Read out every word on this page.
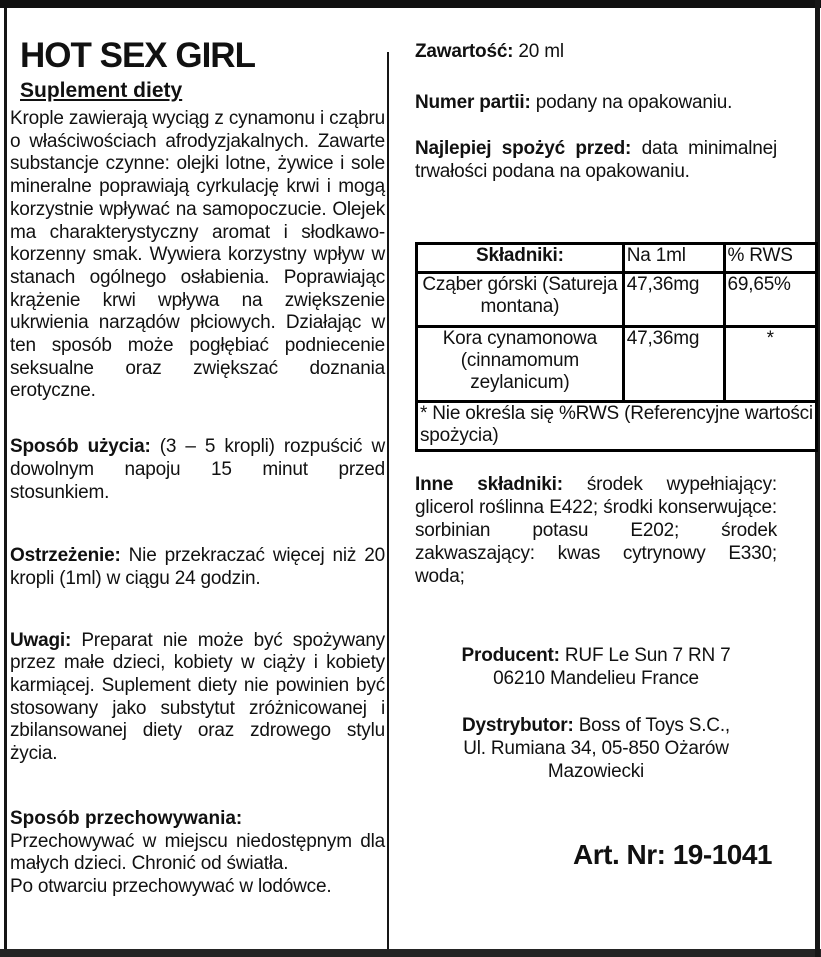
HOT SEX GIRL
Suplement diety

Krople zawierają wyciąg z cynamonu i cząbru o właściwościach afrodyzjakalnych. Zawarte substancje czynne: olejki lotne, żywice i sole mineralne poprawiają cyrkulację krwi i mogą korzystnie wpływać na samopoczucie. Olejek ma charakterystyczny aromat i słodkawo-korzenny smak. Wywiera korzystny wpływ w stanach ogólnego osłabienia. Poprawiając krążenie krwi wpływa na zwiększenie ukrwienia narządów płciowych. Działając w ten sposób może pogłębiać podniecenie seksualne oraz zwiększać doznania erotyczne.

Sposób użycia: (3 – 5 kropli) rozpuścić w dowolnym napoju 15 minut przed stosunkiem.

Ostrzeżenie: Nie przekraczać więcej niż 20 kropli (1ml) w ciągu 24 godzin.

Uwagi: Preparat nie może być spożywany przez małe dzieci, kobiety w ciąży i kobiety karmiącej. Suplement diety nie powinien być stosowany jako substytut zróżnicowanej i zbilansowanej diety oraz zdrowego stylu życia.

Sposób przechowywania:

Przechowywać w miejscu niedostępnym dla małych dzieci. Chronić od światła.

Po otwarciu przechowywać w lodówce.

Zawartość: 20 ml

Numer partii: podany na opakowaniu.

Najlepiej spożyć przed: data minimalnej trwałości podana na opakowaniu.

Składniki:	Na 1ml	% RWS
Cząber górski (Satureja montana)	47,36mg	69,65%
Kora cynamonowa (cinnamomum zeylanicum)	47,36mg	*
* Nie określa się %RWS (Referencyjne wartości spożycia)		

Inne składniki: środek wypełniający: glicerol roślinna E422; środki konserwujące: sorbinian potasu E202; środek zakwaszający: kwas cytrynowy E330; woda;

Producent: RUF Le Sun 7 RN 7
06210 Mandelieu France

Dystrybutor: Boss of Toys S.C.,
Ul. Rumiana 34, 05-850 Ożarów
Mazowiecki

Art. Nr: 19-1041
